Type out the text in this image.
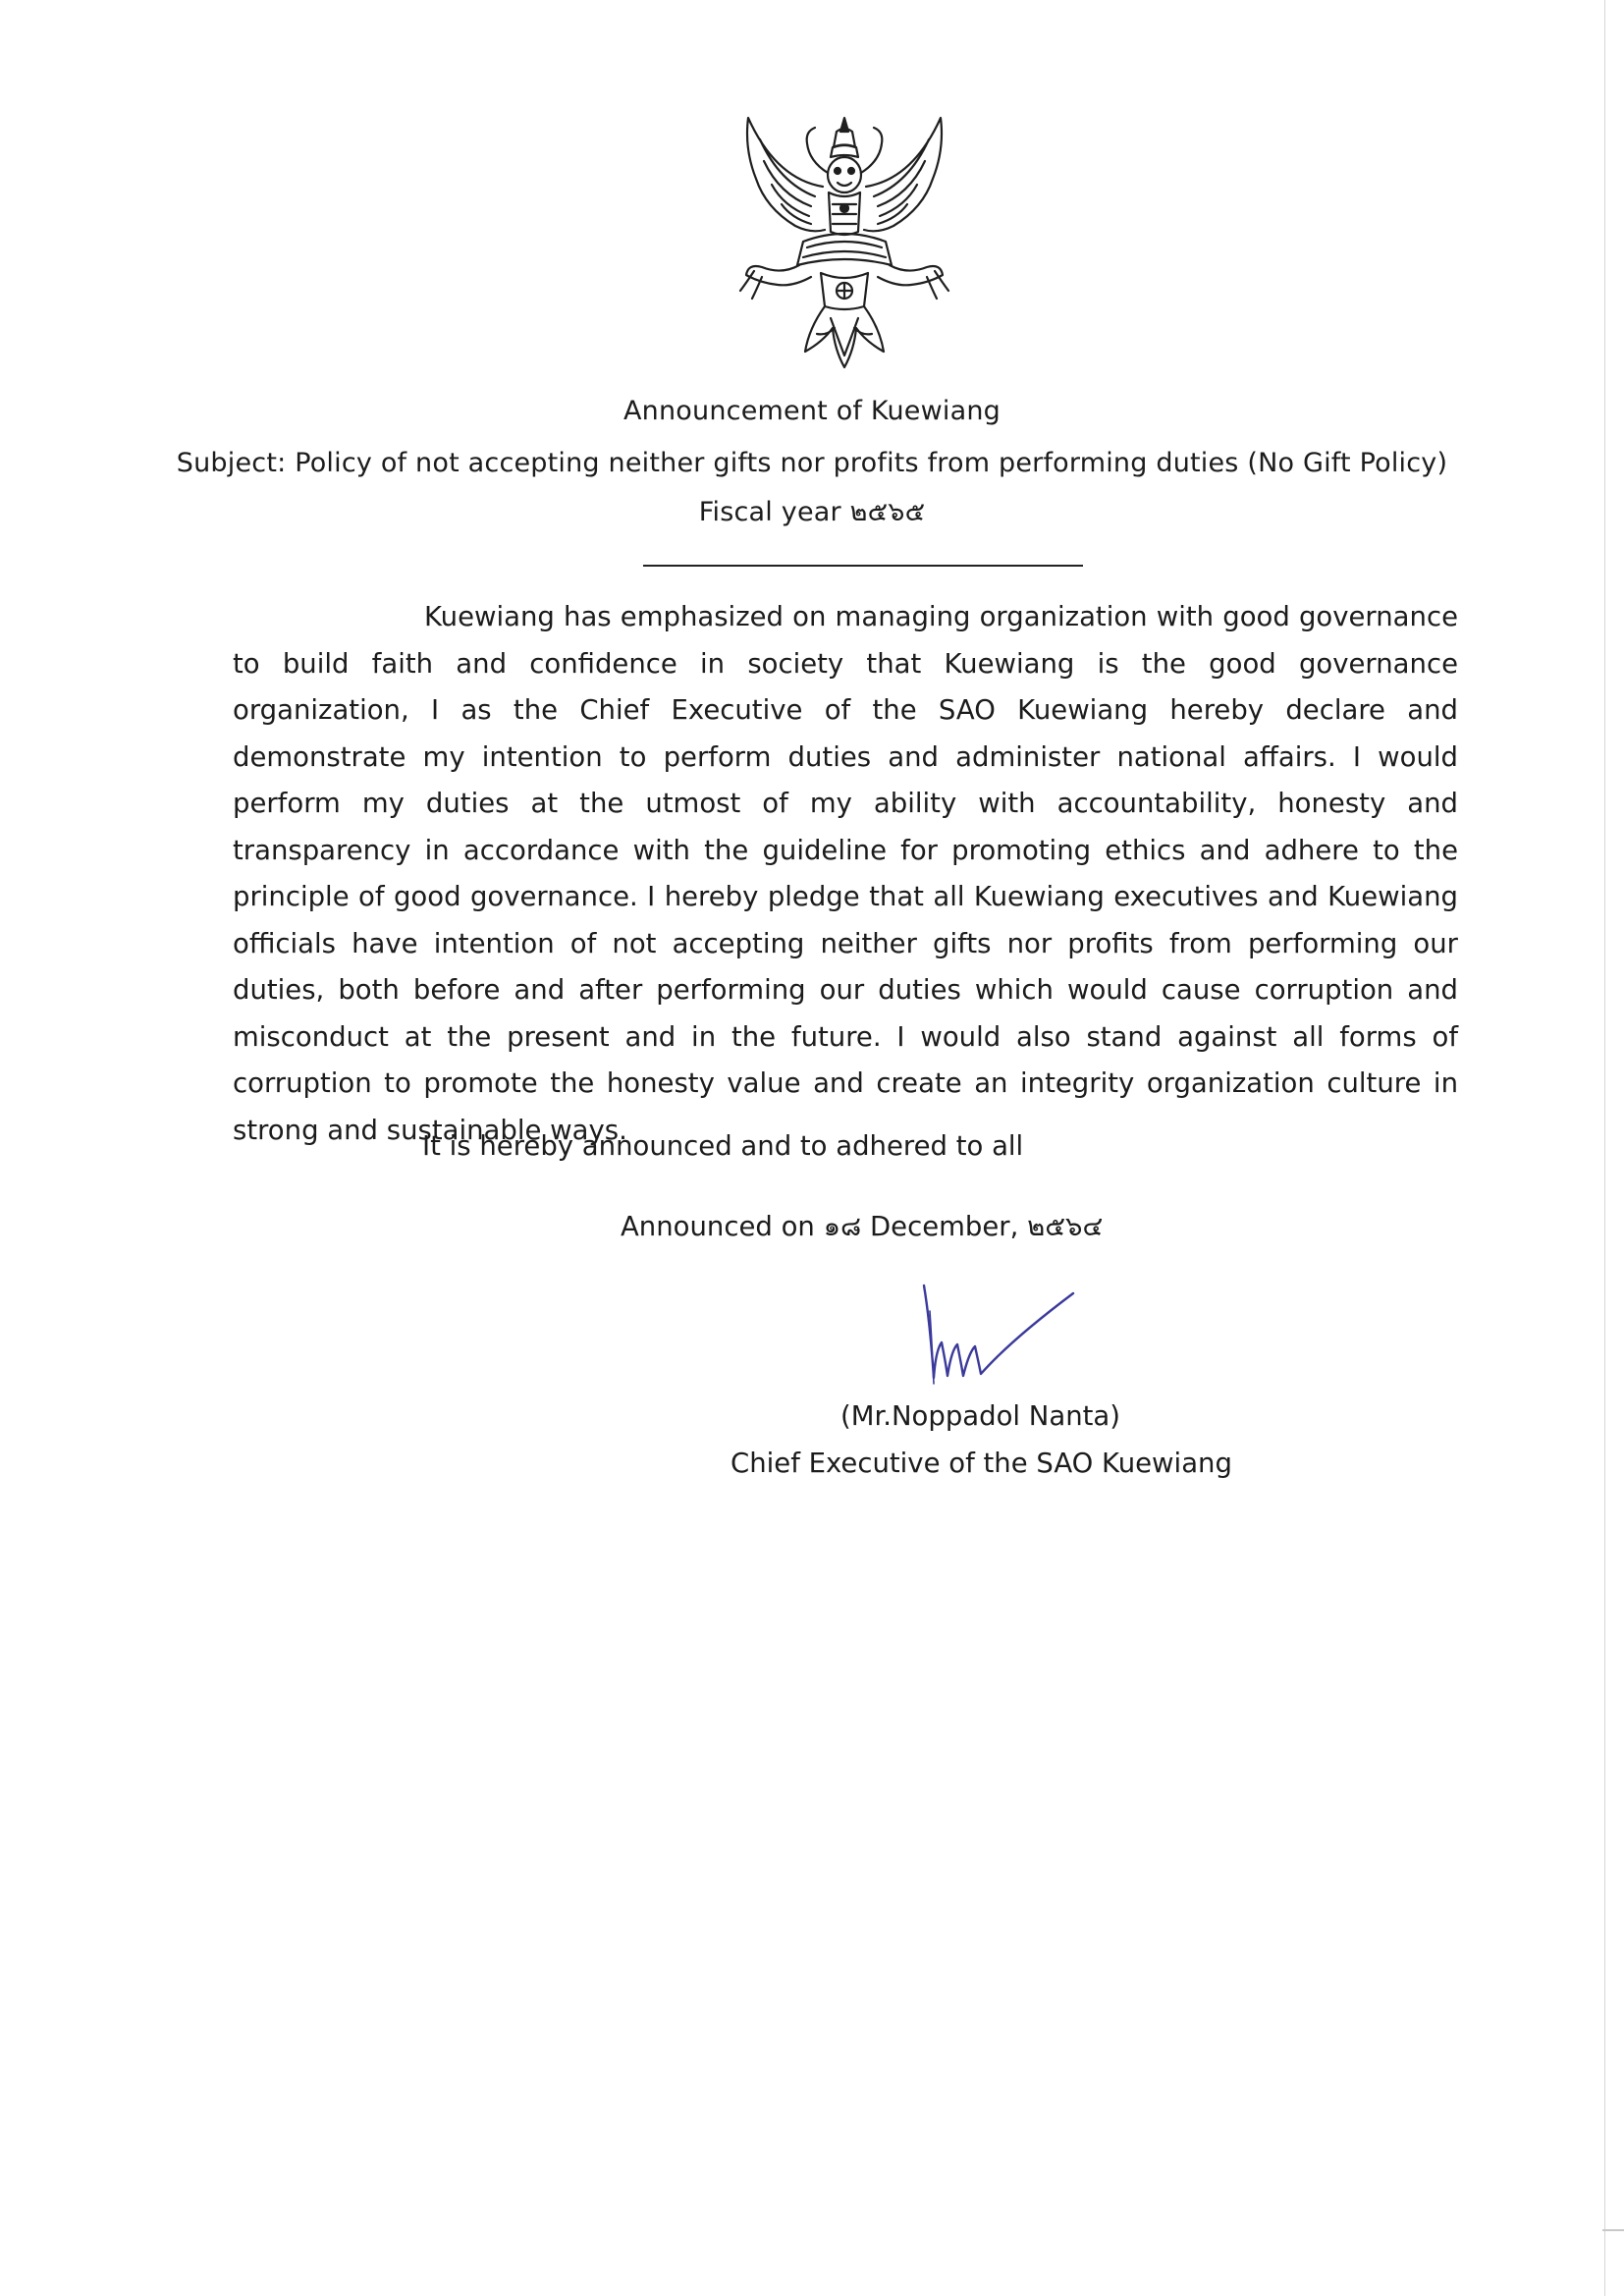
Announcement of Kuewiang
Subject: Policy of not accepting neither gifts nor profits from performing duties (No Gift Policy)
Fiscal year ๒๕๖๕

Kuewiang has emphasized on managing organization with good governance to build faith and confidence in society that Kuewiang is the good governance organization, I as the Chief Executive of the SAO Kuewiang hereby declare and demonstrate my intention to perform duties and administer national affairs. I would perform my duties at the utmost of my ability with accountability, honesty and transparency in accordance with the guideline for promoting ethics and adhere to the principle of good governance. I hereby pledge that all Kuewiang executives and Kuewiang officials have intention of not accepting neither gifts nor profits from performing our duties, both before and after performing our duties which would cause corruption and misconduct at the present and in the future. I would also stand against all forms of corruption to promote the honesty value and create an integrity organization culture in strong and sustainable ways.

It is hereby announced and to adhered to all
Announced on ๑๘ December, ๒๕๖๔
(Mr.Noppadol Nanta)
Chief Executive of the SAO Kuewiang
